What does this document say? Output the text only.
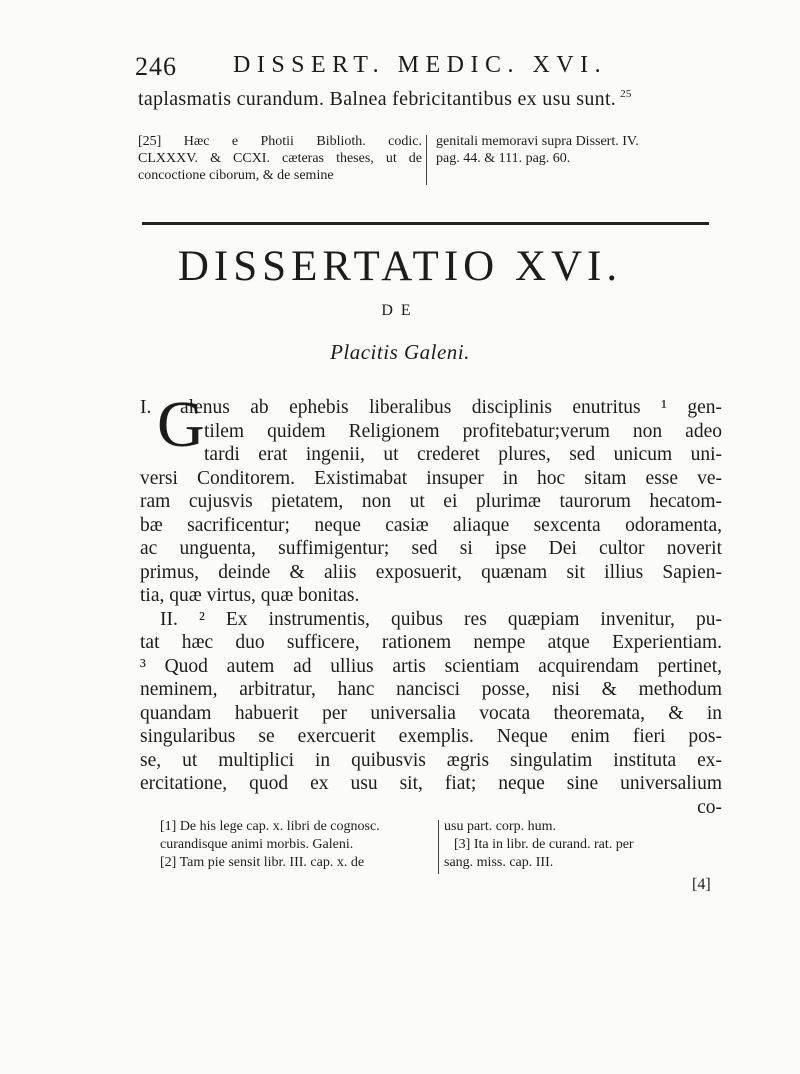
246 DISSERT. MEDIC. XVI.
taplasmatis curandum. Balnea febricitantibus ex usu sunt. $^{25}$
[25] Hæc e Photii Biblioth. codic.
CLXXXV. & CCXI. cæteras theses, ut de
concoctione ciborum, & de semine
genitali memoravi supra Dissert. IV.
pag. 44. & 111. pag. 60.
DISSERTATIO XVI.
DE
Placitis Galeni.
I. G
alenus ab ephebis liberalibus disciplinis enutritus ¹ gen-
tilem quidem Religionem profitebatur;verum non adeo
tardi erat ingenii, ut crederet plures, sed unicum uni-
versi Conditorem. Existimabat insuper in hoc sitam esse ve-
ram cujusvis pietatem, non ut ei plurimæ taurorum hecatom-
bæ sacrificentur; neque casiæ aliaque sexcenta odoramenta,
ac unguenta, suffimigentur; sed si ipse Dei cultor noverit
primus, deinde & aliis exposuerit, quænam sit illius Sapien-
tia, quæ virtus, quæ bonitas.
II. ² Ex instrumentis, quibus res quæpiam invenitur, pu-
tat hæc duo sufficere, rationem nempe atque Experientiam.
³ Quod autem ad ullius artis scientiam acquirendam pertinet,
neminem, arbitratur, hanc nancisci posse, nisi & methodum
quandam habuerit per universalia vocata theoremata, & in
singularibus se exercuerit exemplis. Neque enim fieri pos-
se, ut multiplici in quibusvis ægris singulatim instituta ex-
ercitatione, quod ex usu sit, fiat; neque sine universalium
co-
[1] De his lege cap. x. libri de cognosc.
curandisque animi morbis. Galeni.
[2] Tam pie sensit libr. III. cap. x. de
usu part. corp. hum.
[3] Ita in libr. de curand. rat. per
sang. miss. cap. III.
[4]
